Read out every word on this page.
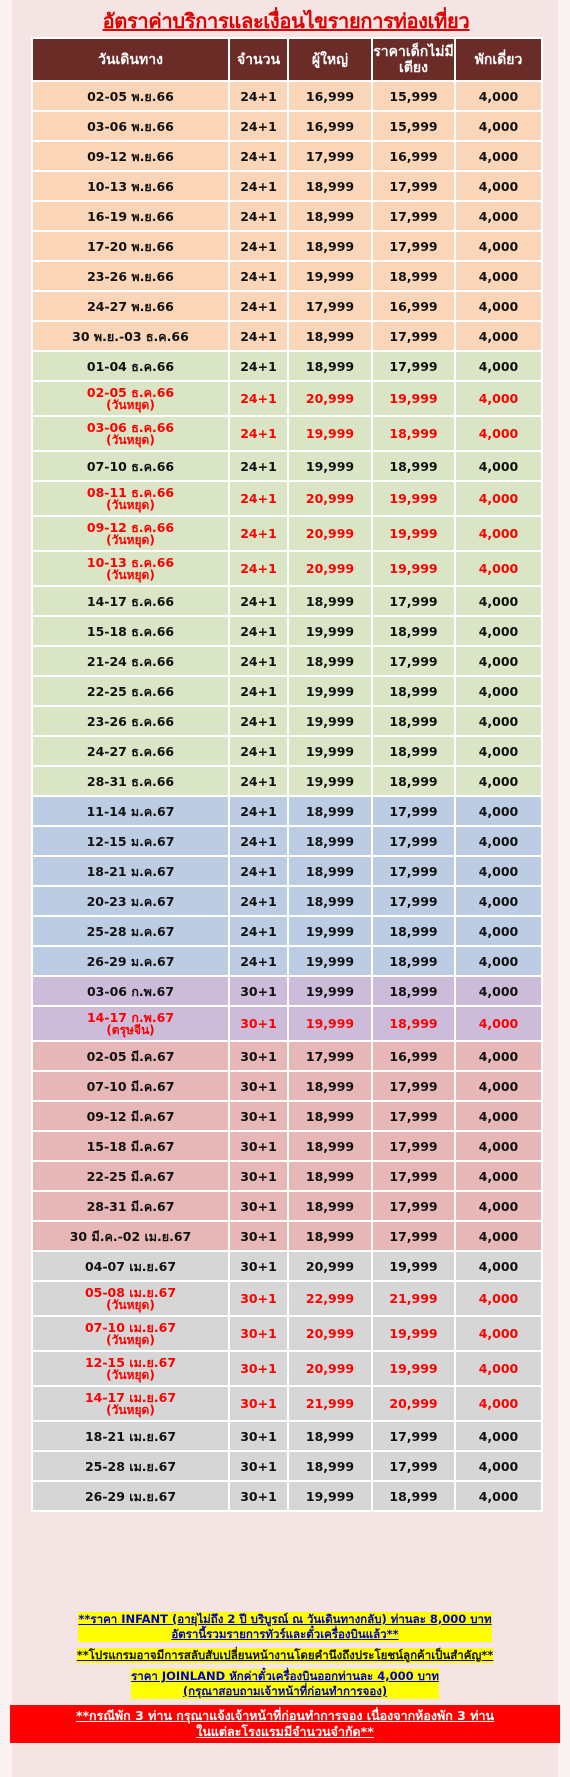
อัตราค่าบริการและเงื่อนไขรายการท่องเที่ยว
วันเดินทาง	จำนวน	ผู้ใหญ่	ราคาเด็กไม่มีเตียง	พักเดี่ยว
02-05 พ.ย.66	24+1	16,999	15,999	4,000
03-06 พ.ย.66	24+1	16,999	15,999	4,000
09-12 พ.ย.66	24+1	17,999	16,999	4,000
10-13 พ.ย.66	24+1	18,999	17,999	4,000
16-19 พ.ย.66	24+1	18,999	17,999	4,000
17-20 พ.ย.66	24+1	18,999	17,999	4,000
23-26 พ.ย.66	24+1	19,999	18,999	4,000
24-27 พ.ย.66	24+1	17,999	16,999	4,000
30 พ.ย.-03 ธ.ค.66	24+1	18,999	17,999	4,000
01-04 ธ.ค.66	24+1	18,999	17,999	4,000
02-05 ธ.ค.66
(วันหยุด)	24+1	20,999	19,999	4,000
03-06 ธ.ค.66
(วันหยุด)	24+1	19,999	18,999	4,000
07-10 ธ.ค.66	24+1	19,999	18,999	4,000
08-11 ธ.ค.66
(วันหยุด)	24+1	20,999	19,999	4,000
09-12 ธ.ค.66
(วันหยุด)	24+1	20,999	19,999	4,000
10-13 ธ.ค.66
(วันหยุด)	24+1	20,999	19,999	4,000
14-17 ธ.ค.66	24+1	18,999	17,999	4,000
15-18 ธ.ค.66	24+1	19,999	18,999	4,000
21-24 ธ.ค.66	24+1	18,999	17,999	4,000
22-25 ธ.ค.66	24+1	19,999	18,999	4,000
23-26 ธ.ค.66	24+1	19,999	18,999	4,000
24-27 ธ.ค.66	24+1	19,999	18,999	4,000
28-31 ธ.ค.66	24+1	19,999	18,999	4,000
11-14 ม.ค.67	24+1	18,999	17,999	4,000
12-15 ม.ค.67	24+1	18,999	17,999	4,000
18-21 ม.ค.67	24+1	18,999	17,999	4,000
20-23 ม.ค.67	24+1	18,999	17,999	4,000
25-28 ม.ค.67	24+1	19,999	18,999	4,000
26-29 ม.ค.67	24+1	19,999	18,999	4,000
03-06 ก.พ.67	30+1	19,999	18,999	4,000
14-17 ก.พ.67
(ตรุษจีน)	30+1	19,999	18,999	4,000
02-05 มี.ค.67	30+1	17,999	16,999	4,000
07-10 มี.ค.67	30+1	18,999	17,999	4,000
09-12 มี.ค.67	30+1	18,999	17,999	4,000
15-18 มี.ค.67	30+1	18,999	17,999	4,000
22-25 มี.ค.67	30+1	18,999	17,999	4,000
28-31 มี.ค.67	30+1	18,999	17,999	4,000
30 มี.ค.-02 เม.ย.67	30+1	18,999	17,999	4,000
04-07 เม.ย.67	30+1	20,999	19,999	4,000
05-08 เม.ย.67
(วันหยุด)	30+1	22,999	21,999	4,000
07-10 เม.ย.67
(วันหยุด)	30+1	20,999	19,999	4,000
12-15 เม.ย.67
(วันหยุด)	30+1	20,999	19,999	4,000
14-17 เม.ย.67
(วันหยุด)	30+1	21,999	20,999	4,000
18-21 เม.ย.67	30+1	18,999	17,999	4,000
25-28 เม.ย.67	30+1	18,999	17,999	4,000
26-29 เม.ย.67	30+1	19,999	18,999	4,000
**ราคา INFANT (อายุไม่ถึง 2 ปี บริบูรณ์ ณ วันเดินทางกลับ) ท่านละ 8,000 บาท
อัตรานี้รวมรายการทัวร์และตั๋วเครื่องบินแล้ว**
**โปรแกรมอาจมีการสลับสับเปลี่ยนหน้างานโดยคำนึงถึงประโยชน์ลูกค้าเป็นสำคัญ**
ราคา JOINLAND หักค่าตั๋วเครื่องบินออกท่านละ 4,000 บาท
(กรุณาสอบถามเจ้าหน้าที่ก่อนทำการจอง)
**กรณีพัก 3 ท่าน กรุณาแจ้งเจ้าหน้าที่ก่อนทำการจอง เนื่องจากห้องพัก 3 ท่าน
ในแต่ละโรงแรมมีจำนวนจำกัด**
